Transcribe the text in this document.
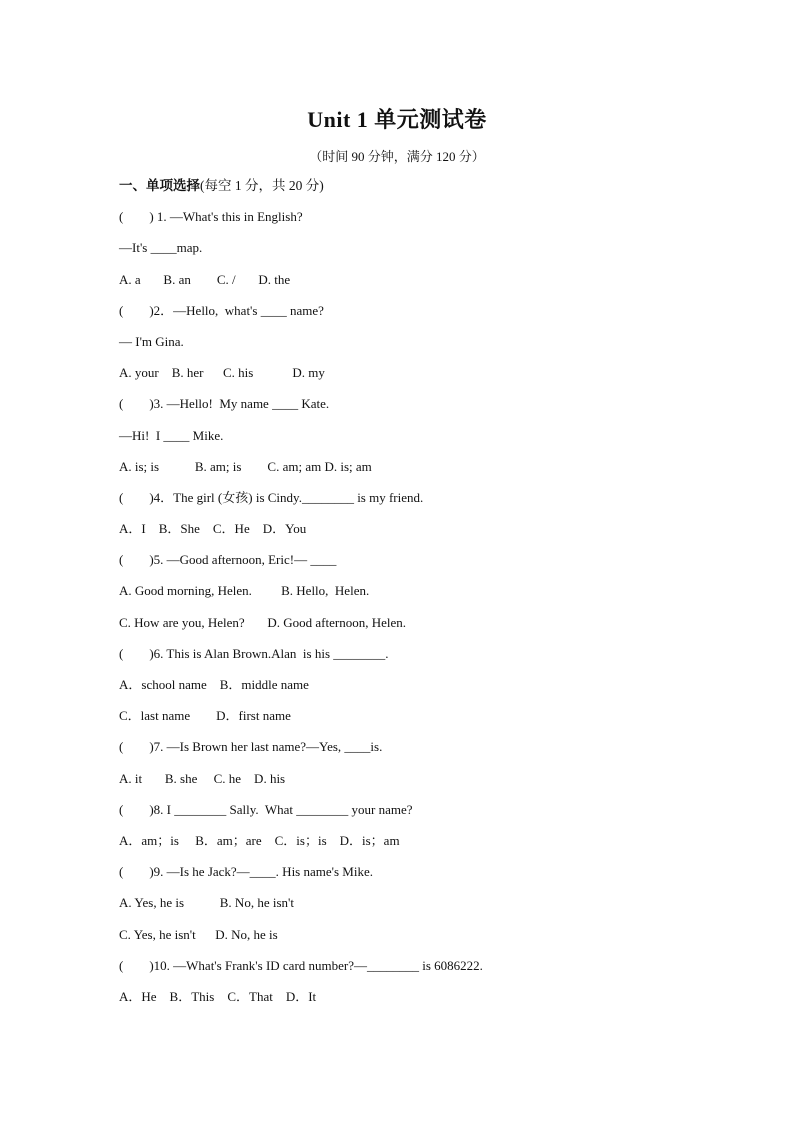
Unit 1 单元测试卷
（时间 90 分钟，满分 120 分）
一、单项选择(每空 1 分，共 20 分)
(        ) 1. —What's this in English?
—It's ____map.
A. a       B. an        C. /       D. the
(        )2．—Hello,  what's ____ name?
— I'm Gina.
A. your    B. her      C. his            D. my
(        )3. —Hello!  My name ____ Kate.
—Hi!  I ____ Mike.
A. is; is           B. am; is        C. am; am D. is; am
(        )4．The girl (女孩) is Cindy.________ is my friend.
A．I    B．She    C．He    D．You
(        )5. —Good afternoon, Eric!— ____
A. Good morning, Helen.         B. Hello,  Helen.
C. How are you, Helen?       D. Good afternoon, Helen.
(        )6. This is Alan Brown.Alan  is his ________.
A．school name    B．middle name
C．last name        D．first name
(        )7. —Is Brown her last name?—Yes, ____is.
A. it       B. she     C. he    D. his
(        )8. I ________ Sally.  What ________ your name?
A．am；is     B．am；are    C．is；is    D．is；am
(        )9. —Is he Jack?—____. His name's Mike.
A. Yes, he is           B. No, he isn't
C. Yes, he isn't      D. No, he is
(        )10. —What's Frank's ID card number?—________ is 6086222.
A．He    B．This    C．That    D．It
